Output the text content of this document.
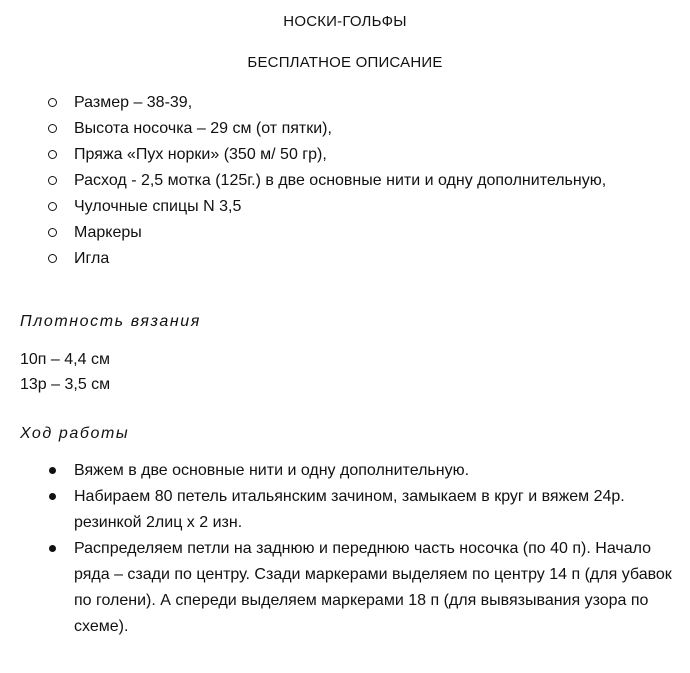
НОСКИ-ГОЛЬФЫ
БЕСПЛАТНОЕ ОПИСАНИЕ
Размер – 38-39,
Высота носочка – 29 см (от пятки),
Пряжа «Пух норки» (350 м/ 50 гр),
Расход - 2,5 мотка (125г.) в две основные нити и одну дополнительную,
Чулочные спицы N 3,5
Маркеры
Игла
Плотность вязания
10п – 4,4 см
13р – 3,5 см
Ход работы
Вяжем в две основные нити и одну дополнительную.
Набираем 80 петель итальянским зачином, замыкаем в круг и вяжем 24р. резинкой 2лиц х 2 изн.
Распределяем петли на заднюю и переднюю часть носочка (по 40 п). Начало ряда – сзади по центру. Сзади маркерами выделяем по центру 14 п (для убавок по голени). А спереди выделяем маркерами 18 п (для вывязывания узора по схеме).
